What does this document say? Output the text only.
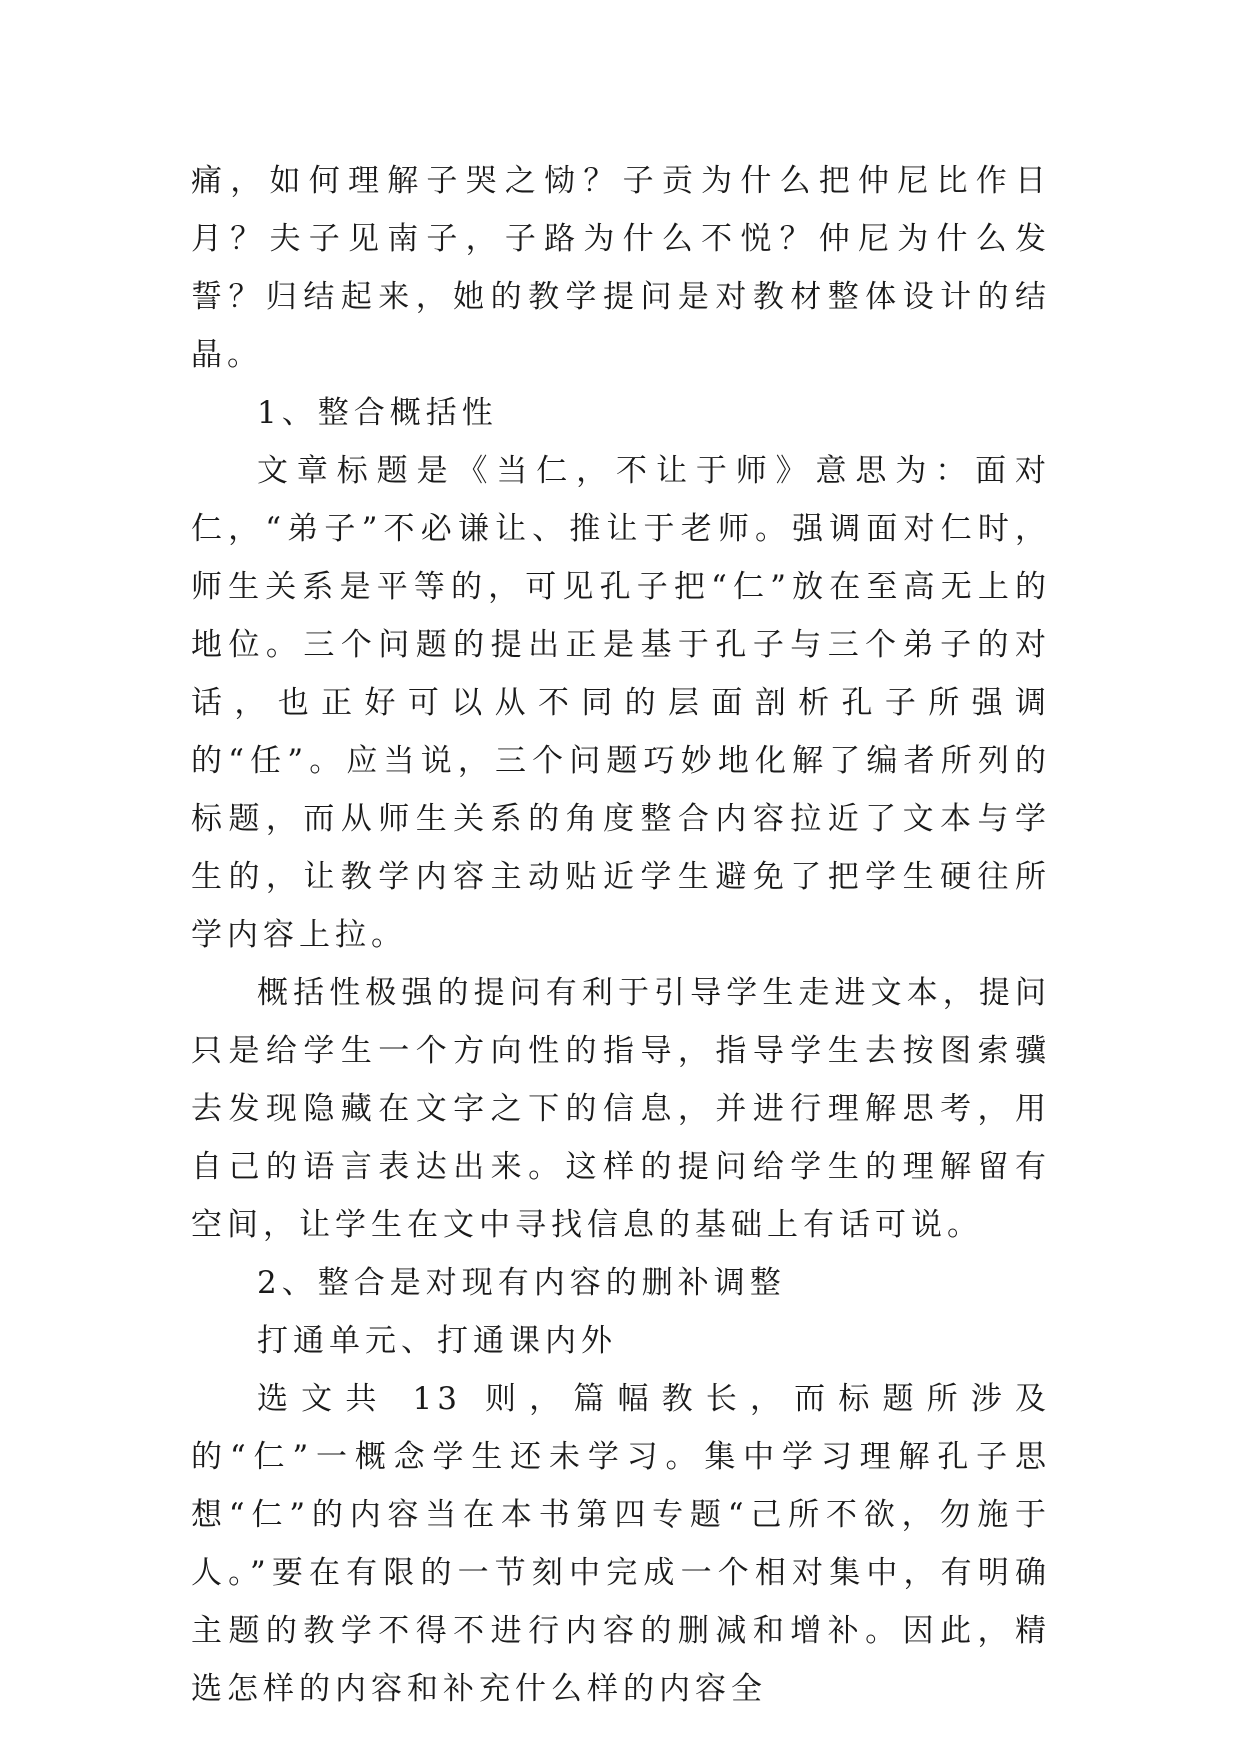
痛，如何理解子哭之恸？子贡为什么把仲尼比作日月？夫子见南子，子路为什么不悦？仲尼为什么发誓？归结起来，她的教学提问是对教材整体设计的结晶。

1、整合概括性

文章标题是《当仁，不让于师》意思为：面对仁，“弟子”不必谦让、推让于老师。强调面对仁时，师生关系是平等的，可见孔子把“仁”放在至高无上的地位。三个问题的提出正是基于孔子与三个弟子的对话，也正好可以从不同的层面剖析孔子所强调的“任”。应当说，三个问题巧妙地化解了编者所列的标题，而从师生关系的角度整合内容拉近了文本与学生的，让教学内容主动贴近学生避免了把学生硬往所学内容上拉。

概括性极强的提问有利于引导学生走进文本，提问只是给学生一个方向性的指导，指导学生去按图索骥去发现隐藏在文字之下的信息，并进行理解思考，用自己的语言表达出来。这样的提问给学生的理解留有空间，让学生在文中寻找信息的基础上有话可说。

2、整合是对现有内容的删补调整

打通单元、打通课内外

选文共 13 则，篇幅教长，而标题所涉及的“仁”一概念学生还未学习。集中学习理解孔子思想“仁”的内容当在本书第四专题“己所不欲，勿施于人。”要在有限的一节刻中完成一个相对集中，有明确主题的教学不得不进行内容的删减和增补。因此，精选怎样的内容和补充什么样的内容全
